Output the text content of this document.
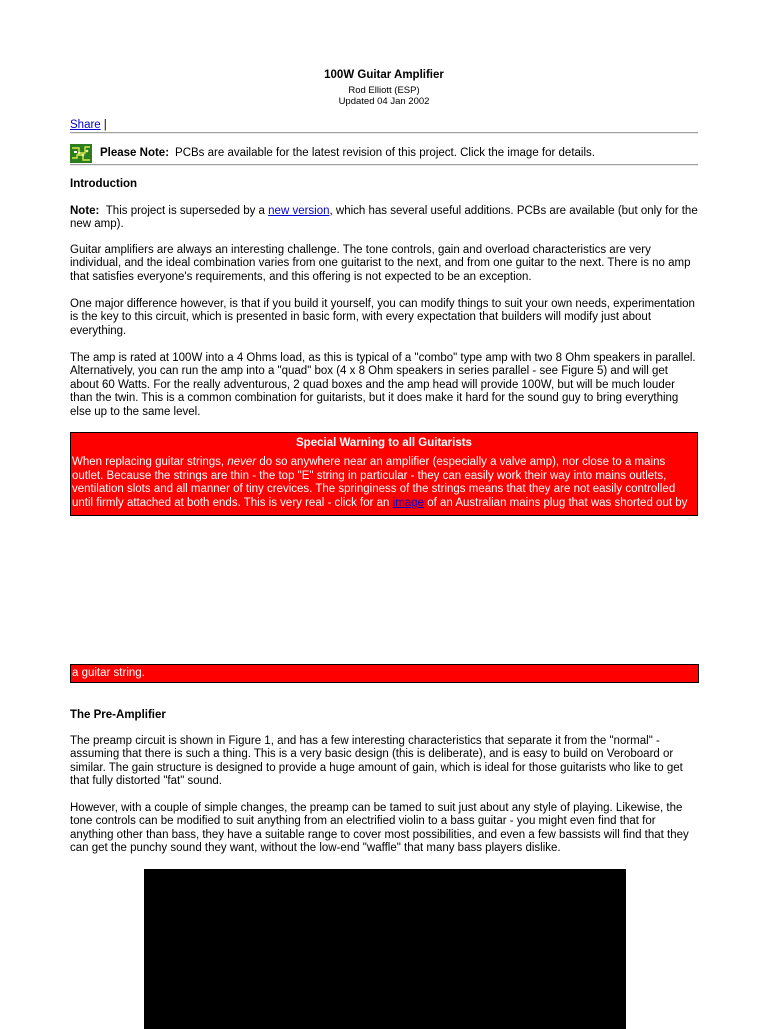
100W Guitar Amplifier
Rod Elliott (ESP)
Updated 04 Jan 2002
Share |
Please Note: PCBs are available for the latest revision of this project. Click the image for details.
Introduction

Note: This project is superseded by a new version, which has several useful additions. PCBs are available (but only for the new amp).

Guitar amplifiers are always an interesting challenge. The tone controls, gain and overload characteristics are very individual, and the ideal combination varies from one guitarist to the next, and from one guitar to the next. There is no amp that satisfies everyone's requirements, and this offering is not expected to be an exception.

One major difference however, is that if you build it yourself, you can modify things to suit your own needs, experimentation is the key to this circuit, which is presented in basic form, with every expectation that builders will modify just about everything.

The amp is rated at 100W into a 4 Ohms load, as this is typical of a "combo" type amp with two 8 Ohm speakers in parallel. Alternatively, you can run the amp into a "quad" box (4 x 8 Ohm speakers in series parallel - see Figure 5) and will get about 60 Watts. For the really adventurous, 2 quad boxes and the amp head will provide 100W, but will be much louder than the twin. This is a common combination for guitarists, but it does make it hard for the sound guy to bring everything else up to the same level.

Special Warning to all Guitarists
When replacing guitar strings, never do so anywhere near an amplifier (especially a valve amp), nor close to a mains outlet. Because the strings are thin - the top "E" string in particular - they can easily work their way into mains outlets, ventilation slots and all manner of tiny crevices. The springiness of the strings means that they are not easily controlled until firmly attached at both ends. This is very real - click for an image of an Australian mains plug that was shorted out by
a guitar string.
The Pre-Amplifier

The preamp circuit is shown in Figure 1, and has a few interesting characteristics that separate it from the "normal" - assuming that there is such a thing. This is a very basic design (this is deliberate), and is easy to build on Veroboard or similar. The gain structure is designed to provide a huge amount of gain, which is ideal for those guitarists who like to get that fully distorted "fat" sound.

However, with a couple of simple changes, the preamp can be tamed to suit just about any style of playing. Likewise, the tone controls can be modified to suit anything from an electrified violin to a bass guitar - you might even find that for anything other than bass, they have a suitable range to cover most possibilities, and even a few bassists will find that they can get the punchy sound they want, without the low-end "waffle" that many bass players dislike.
